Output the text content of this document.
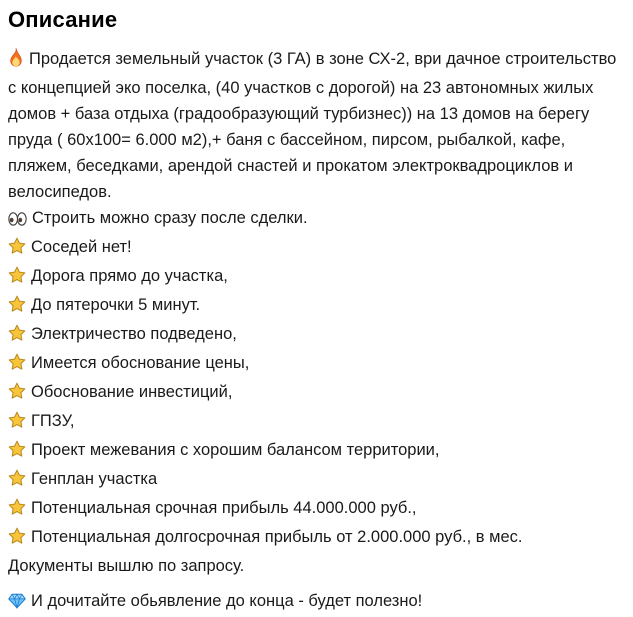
Описание
Продается земельный участок (3 ГА) в зоне СХ-2, ври дачное строительство с концепцией эко поселка, (40 участков с дорогой) на 23 автономных жилых домов + база отдыха (градообразующий турбизнес)) на 13 домов на берегу пруда ( 60х100= 6.000 м2),+ баня с бассейном, пирсом, рыбалкой, кафе, пляжем, беседками, арендой снастей и прокатом электроквадроциклов и велосипедов.
Строить можно сразу после сделки.
Соседей нет!
Дорога прямо до участка,
До пятерочки 5 минут.
Электричество подведено,
Имеется обоснование цены,
Обоснование инвестиций,
ГПЗУ,
Проект межевания с хорошим балансом территории,
Генплан участка
Потенциальная срочная прибыль 44.000.000 руб.,
Потенциальная долгосрочная прибыль от 2.000.000 руб., в мес.
Документы вышлю по запросу.
И дочитайте обьявление до конца - будет полезно!
